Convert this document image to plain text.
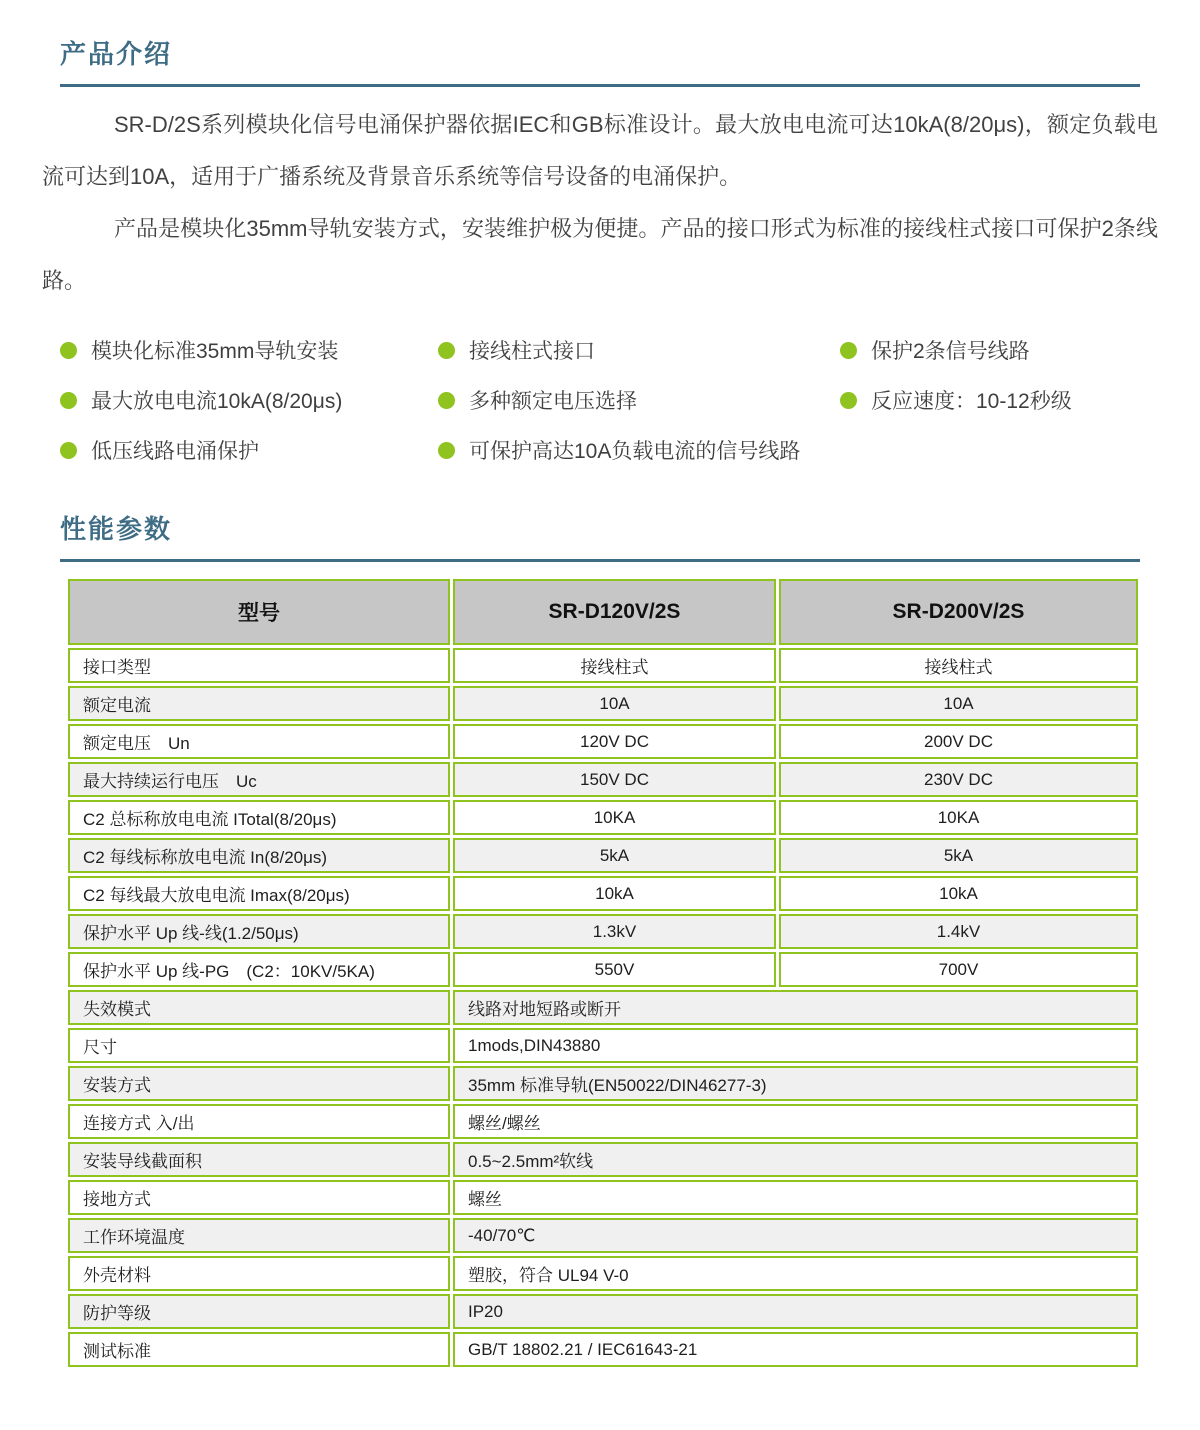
产品介绍

SR-D/2S系列模块化信号电涌保护器依据IEC和GB标准设计。最大放电电流可达10kA(8/20μs)，额定负载电流可达到10A，适用于广播系统及背景音乐系统等信号设备的电涌保护。

产品是模块化35mm导轨安装方式，安装维护极为便捷。产品的接口形式为标准的接线柱式接口可保护2条线路。

模块化标准35mm导轨安装	接线柱式接口	保护2条信号线路
最大放电电流10kA(8/20μs)	多种额定电压选择	反应速度：10-12秒级
低压线路电涌保护	可保护高达10A负载电流的信号线路
性能参数
型号	SR-D120V/2S	SR-D200V/2S
接口类型	接线柱式	接线柱式
额定电流	10A	10A
额定电压　Un	120V DC	200V DC
最大持续运行电压　Uc	150V DC	230V DC
C2 总标称放电电流 ITotal(8/20μs)	10KA	10KA
C2 每线标称放电电流 In(8/20μs)	5kA	5kA
C2 每线最大放电电流 Imax(8/20μs)	10kA	10kA
保护水平 Up 线-线(1.2/50μs)	1.3kV	1.4kV
保护水平 Up 线-PG　(C2：10KV/5KA)	550V	700V
失效模式	线路对地短路或断开	
尺寸	1mods,DIN43880	
安装方式	35mm 标准导轨(EN50022/DIN46277-3)	
连接方式 入/出	螺丝/螺丝	
安装导线截面积	0.5~2.5mm²软线	
接地方式	螺丝	
工作环境温度	-40/70℃	
外壳材料	塑胶，符合 UL94 V-0	
防护等级	IP20	
测试标准	GB/T 18802.21 / IEC61643-21	
